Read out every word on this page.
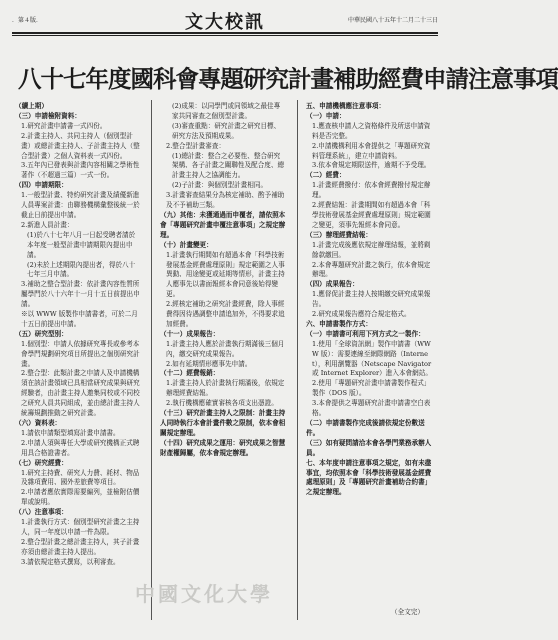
．第４版．	文大校訊	中華民國八十五年十二月二十三日
八十七年度國科會專題研究計畫補助經費申請注意事項

（續上期）

（三）申請檢附資料：

1.研究計畫申請書一式四份。

2.計畫主持人、共同主持人（個別型計畫）或總計畫主持人、子計畫主持人（整合型計畫）之個人資料表一式四份。

3.五年內已發表與計畫內容相關之學術性著作（不超過三篇）一式一份。

（四）申請期限：

1.一般型計畫、特約研究計畫及績優新進人員專案計畫：由聯務機構彙整後統一於截止日前提出申請。

2.新進人員計畫：

(1)於八十七年八月一日起受聘者請於本年度一般型計畫申請期限內提出申請。

(2)未於上述期限內提出者，得於八十七年三月申請。

3.補助之整合型計畫：依計畫內容性質所屬學門於八十六年十一月十五日前提出申請。

※以 WWW 版製作申請書者，可於二月十五日前提出申請。

（五）研究型別：

1.個別型：申請人依據研究專長或參考本會學門規劃研究項目所提出之個別研究計畫。

2.整合型：此類計畫之申請人及申請機構須在該計畫領域已具相當研究成果與研究經驗者，由計畫主持人邀集同校或不同校之研究人員共同組成，並由總計畫主持人統籌規劃推動之研究計畫。

（六）資料表：

1.請依申請類型填寫計畫申請書。

2.申請人須與專任大學或研究機構正式聘用具合格證書者。

（七）研究經費：

1.研究主持費、研究人力費、耗材、物品及雜項費用、國外差旅費等項目。

2.申請者應依實際需要編列，並檢附估價單或說明。

（八）注意事項：

1.計畫執行方式：個別型研究計畫之主持人，同一年度以申請一件為限。

2.整合型計畫之總計畫主持人，其子計畫亦須由總計畫主持人提出。

3.請依規定格式撰寫，以利審查。

(2)成果：以同學門或同領域之最佳專家共同審查之個別型計畫。

(3)審查重點：研究計畫之研究目標、研究方法及預期成果。

2.整合型計畫審查：

(1)總計畫：整合之必要性、整合研究架構、各子計畫之關聯性及配合度、總計畫主持人之協調能力。

(2)子計畫：與個別型計畫相同。

3.計畫審查結果分為核定補助、酌予補助及不予補助三類。

（九）其他：未獲通過而申覆者，請依照本會「專題研究計畫申覆注意事項」之規定辦理。

（十）計畫變更：

1.計畫執行期間如有超過本會「科學技術發展基金經費處理原則」規定範圍之人事異動、用途變更或延期等情形，計畫主持人應事先以書面報經本會同意後始得變更。

2.經核定補助之研究計畫經費，除人事經費得因待遇調整申請追加外，不得要求追加經費。

（十一）成果報告：

1.計畫主持人應於計畫執行期滿後三個月內，繳交研究成果報告。

2.如有延期情形應事先申請。

（十二）經費報銷：

1.計畫主持人於計畫執行期滿後，依規定辦理經費結報。

2.執行機構應確實審核各項支出憑證。

（十三）研究計畫主持人之限制：計畫主持人同時執行本會計畫件數之限制，依本會相關規定辦理。

（十四）研究成果之運用：研究成果之智慧財產權歸屬，依本會規定辦理。

五、申請機構應注意事項：

（一）申請：

1.應查核申請人之資格條件及所送申請資料是否完整。

2.申請機構利用本會提供之「專題研究資料管理系統」，建立申請資料。

3.依本會規定期限送件，逾期不予受理。

（二）經費：

1.計畫經費撥付：依本會經費撥付規定辦理。

2.經費結報：計畫期間如有超過本會「科學技術發展基金經費處理原則」規定範圍之變更，須事先報經本會同意。

（三）辦理經費結報：

1.計畫完成後應依規定辦理結報，並將剩餘款繳回。

2.本會專題研究計畫之執行，依本會規定辦理。

（四）成果報告：

1.應督促計畫主持人按期繳交研究成果報告。

2.研究成果報告應符合規定格式。

六、申請書製作方式：

（一）申請書可利用下列方式之一製作：

1.使用「全球資訊網」製作申請書（WWW 版）：需要連線至網際網路（Internet），利用瀏覽器（Netscape Navigator 或 Internet Explorer）進入本會網站。

2.使用「專題研究計畫申請書製作程式」製作（DOS 版）。

3.本會提供之專題研究計畫申請書空白表格。

（二）申請書製作完成後請依規定份數送件。

（三）如有疑問請洽本會各學門業務承辦人員。

七、本年度申請注意事項之規定，如有未盡事宜，均依照本會「科學技術發展基金經費處理原則」及「專題研究計畫補助合約書」之規定辦理。

中國文化大學
（全文完）
